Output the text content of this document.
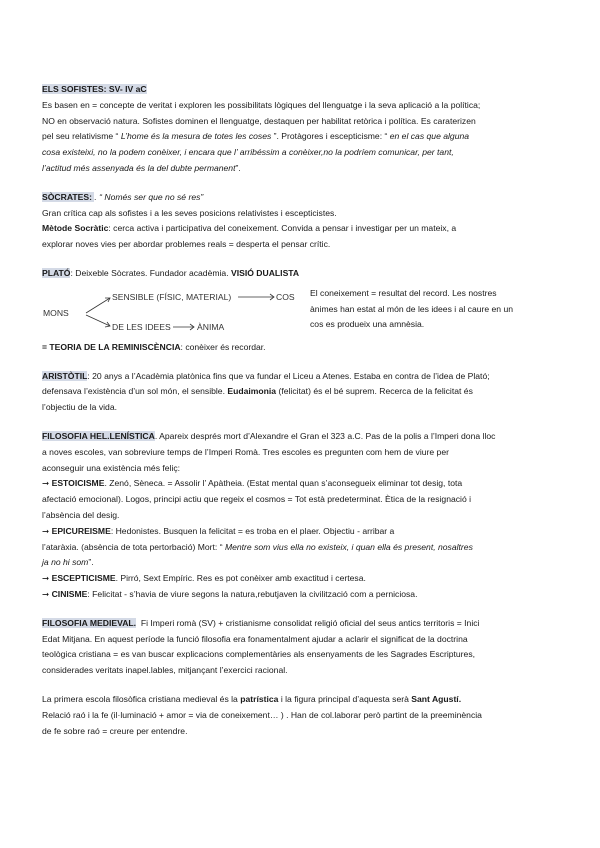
ELS SOFISTES: SV- IV aC

Es basen en = concepte de veritat i exploren les possibilitats lògiques del llenguatge i la seva aplicació a la política;

NO en observació natura. Sofistes dominen el llenguatge, destaquen per habilitat retòrica i política. Es caraterizen

pel seu relativisme “ L’home és la mesura de totes les coses ”. Protàgores i escepticisme: “ en el cas que alguna

cosa existeixi, no la podem conèixer, i encara que l’ arribéssim a conèixer,no la podríem comunicar, per tant,

l’actitud més assenyada és la del dubte permanent”.

SÒCRATES: . “ Només ser que no sé res”

Gran crítica cap als sofistes i a les seves posicions relativistes i escepticistes.

Mètode Socràtic: cerca activa i participativa del coneixement. Convida a pensar i investigar per un mateix, a

explorar noves vies per abordar problemes reals = desperta el pensar crític.

PLATÓ: Deixeble Sòcrates. Fundador acadèmia. VISIÓ DUALISTA

MONS
SENSIBLE (FÍSIC, MATERIAL)	COS
DE LES IDEES	ÀNIMA

El coneixement = resultat del record. Les nostres

ànimes han estat al món de les idees i al caure en un

cos es produeix una amnèsia.

= TEORIA DE LA REMINISCÈNCIA: conèixer és recordar.

ARISTÒTIL: 20 anys a l’Acadèmia platònica fins que va fundar el Liceu a Atenes. Estaba en contra de l’idea de Plató;

defensava l’existència d’un sol món, el sensible. Eudaimonia (felicitat) és el bé suprem. Recerca de la felicitat és

l’objectiu de la vida.

FILOSOFIA HEL.LENÍSTICA. Apareix després mort d’Alexandre el Gran el 323 a.C. Pas de la polis a l’Imperi dona lloc

a noves escoles, van sobreviure temps de l’Imperi Romà. Tres escoles es pregunten com hem de viure per

aconseguir una existència més feliç:

➞ ESTOICISME. Zenó, Sèneca. = Assolir l’ Apàtheia. (Estat mental quan s’aconsegueix eliminar tot desig, tota

afectació emocional). Logos, principi actiu que regeix el cosmos = Tot està predeterminat. Ètica de la resignació i

l’absència del desig.

➞ EPICUREISME: Hedonistes. Busquen la felicitat = es troba en el plaer. Objectiu - arribar a

l’ataràxia. (absència de tota pertorbació) Mort: “ Mentre som vius ella no existeix, i quan ella és present, nosaltres

ja no hi som”.

➞ ESCEPTICISME. Pirró, Sext Empíric. Res es pot conèixer amb exactitud i certesa.

➞ CINISME: Felicitat - s’havia de viure segons la natura,rebutjaven la civilització com a perniciosa.

FILOSOFIA MEDIEVAL.  Fi Imperi romà (SV) + cristianisme consolidat religió oficial del seus antics territoris = Inici

Edat Mitjana. En aquest període la funció filosofia era fonamentalment ajudar a aclarir el significat de la doctrina

teològica cristiana = es van buscar explicacions complementàries als ensenyaments de les Sagrades Escriptures,

considerades veritats inapel.lables, mitjançant l’exercici racional.

La primera escola filosòfica cristiana medieval és la patrística i la figura principal d’aquesta serà Sant Agustí.

Relació raó i la fe (il·luminació + amor = via de coneixement… ) . Han de col.laborar però partint de la preeminència

de fe sobre raó = creure per entendre.
